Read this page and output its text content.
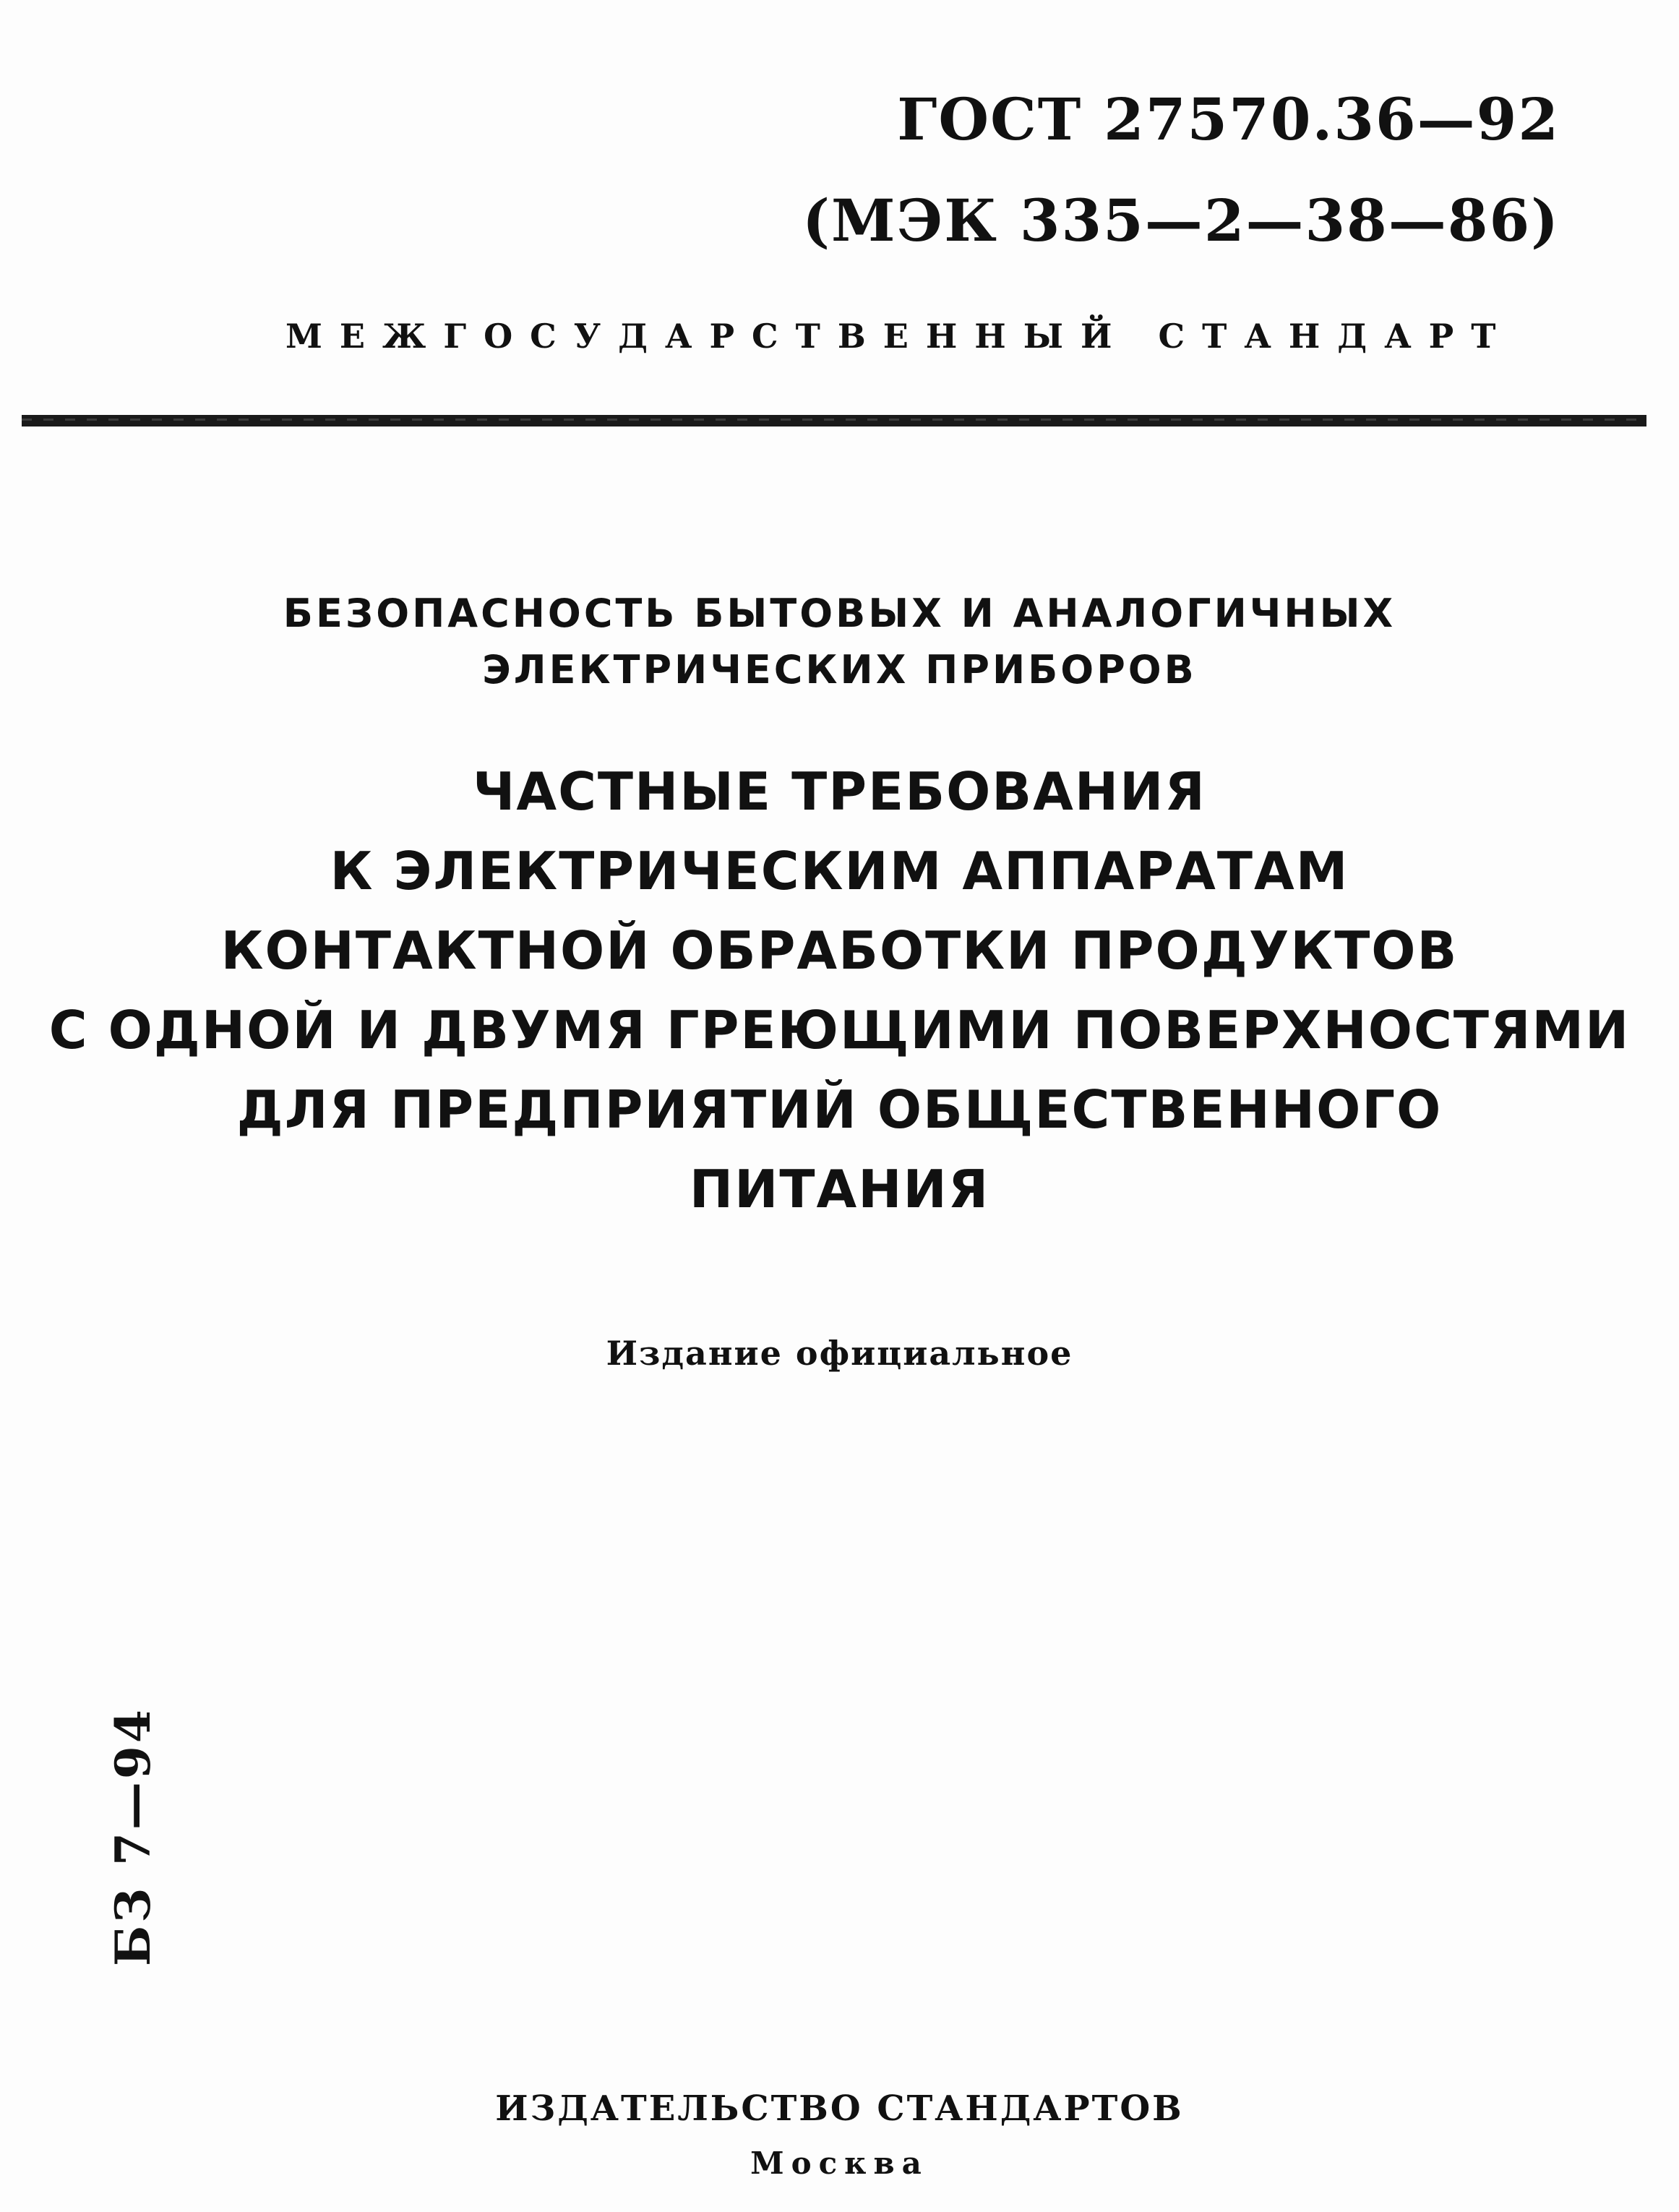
ГОСТ 27570.36—92
(МЭК 335—2—38—86)
МЕЖГОСУДАРСТВЕННЫЙ СТАНДАРТ
БЕЗОПАСНОСТЬ БЫТОВЫХ И АНАЛОГИЧНЫХ
ЭЛЕКТРИЧЕСКИХ ПРИБОРОВ
ЧАСТНЫЕ ТРЕБОВАНИЯ
К ЭЛЕКТРИЧЕСКИМ АППАРАТАМ
КОНТАКТНОЙ ОБРАБОТКИ ПРОДУКТОВ
С ОДНОЙ И ДВУМЯ ГРЕЮЩИМИ ПОВЕРХНОСТЯМИ
ДЛЯ ПРЕДПРИЯТИЙ ОБЩЕСТВЕННОГО
ПИТАНИЯ
Издание официальное
БЗ 7—94
ИЗДАТЕЛЬСТВО СТАНДАРТОВ
Москва
